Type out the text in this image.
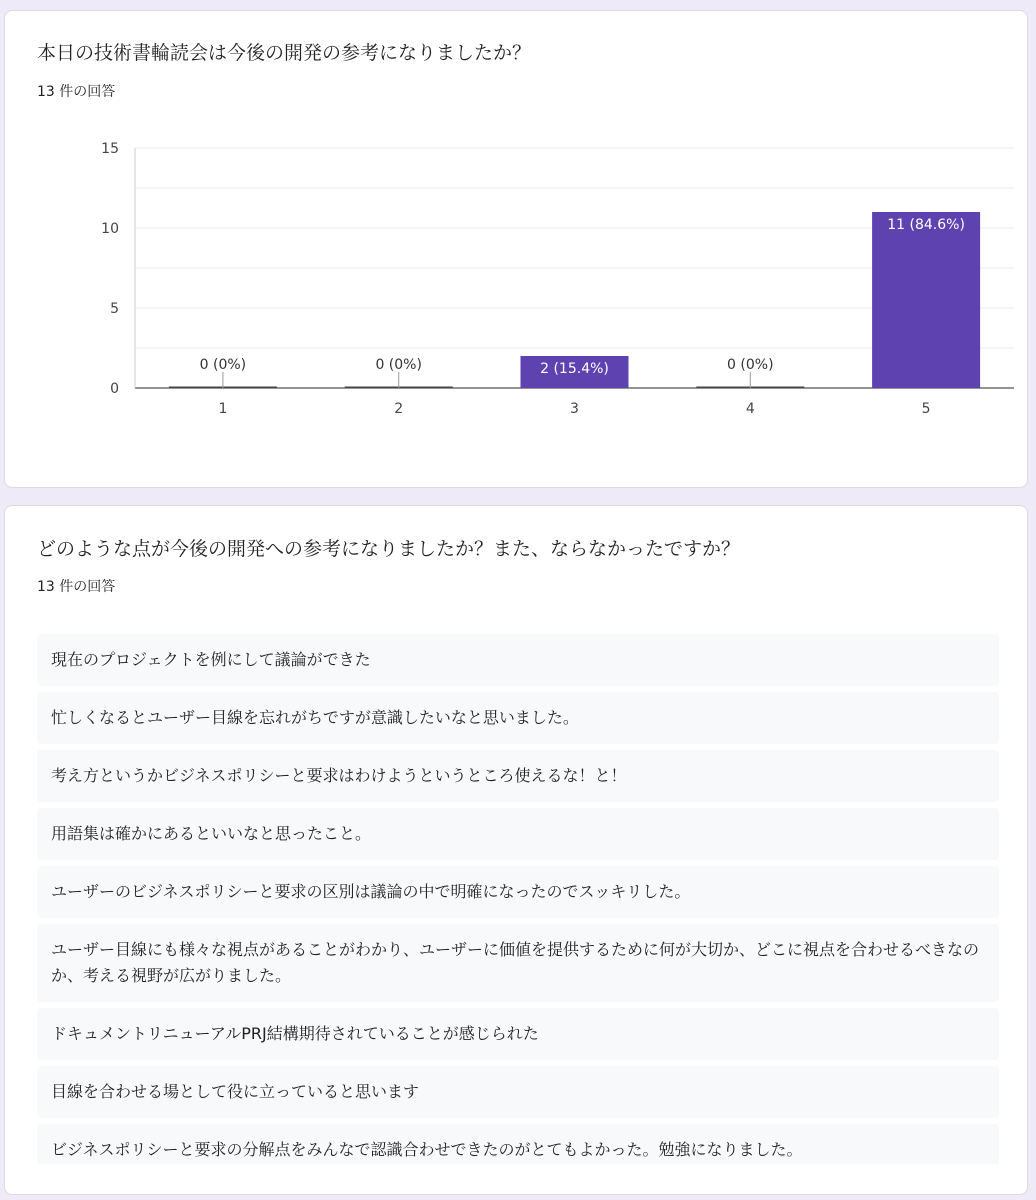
本日の技術書輪読会は今後の開発の参考になりましたか？
13 件の回答
0
5
10
15
0 (0%)
1
0 (0%)
2
2 (15.4%)
3
0 (0%)
4
11 (84.6%)
5
どのような点が今後の開発への参考になりましたか？また、ならなかったですか？
13 件の回答
現在のプロジェクトを例にして議論ができた
忙しくなるとユーザー目線を忘れがちですが意識したいなと思いました。
考え方というかビジネスポリシーと要求はわけようというところ使えるな！と！
用語集は確かにあるといいなと思ったこと。
ユーザーのビジネスポリシーと要求の区別は議論の中で明確になったのでスッキリした。
ユーザー目線にも様々な視点があることがわかり、ユーザーに価値を提供するために何が大切か、どこに視点を合わせるべきなのか、考える視野が広がりました。
ドキュメントリニューアルPRJ結構期待されていることが感じられた
目線を合わせる場として役に立っていると思います
ビジネスポリシーと要求の分解点をみんなで認識合わせできたのがとてもよかった。勉強になりました。
